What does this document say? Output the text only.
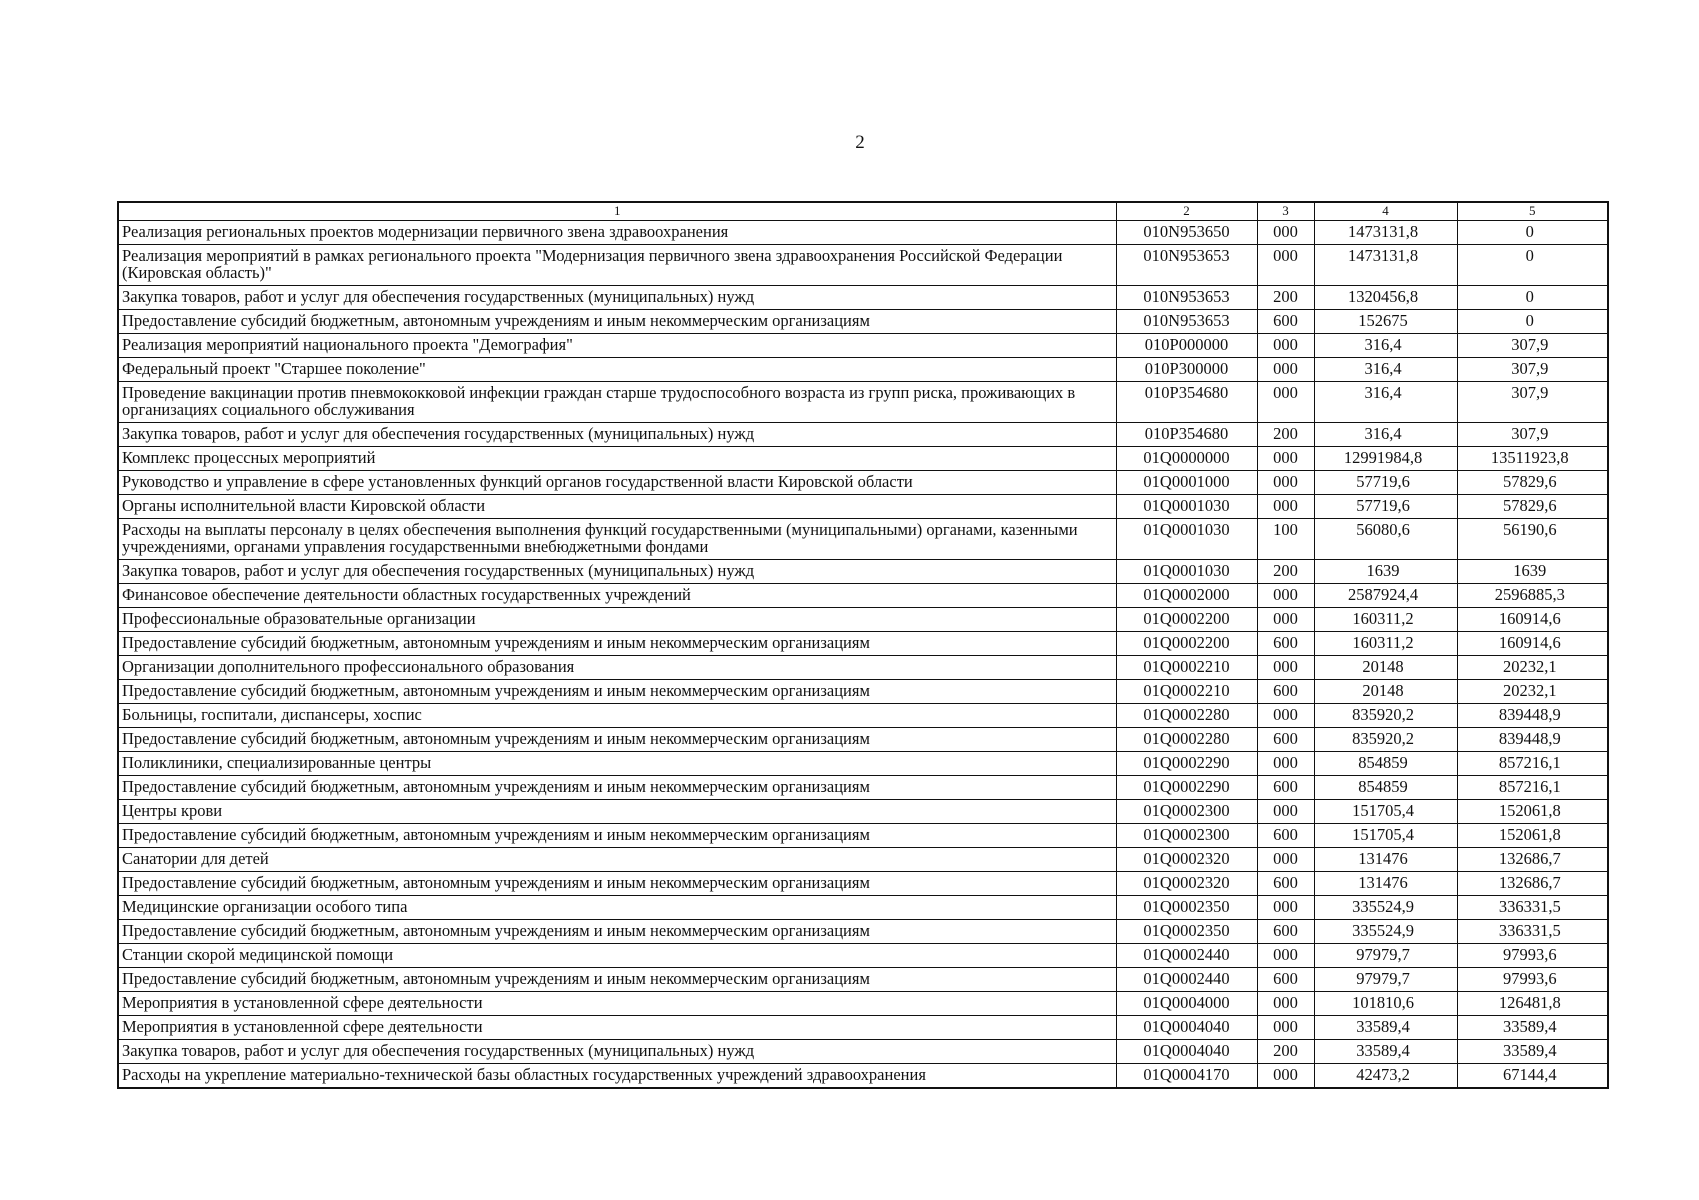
2
1	2	3	4	5
Реализация региональных проектов модернизации первичного звена здравоохранения	010N953650	000	1473131,8	0
Реализация мероприятий в рамках регионального проекта "Модернизация первичного звена здравоохранения Российской Федерации (Кировская область)"	010N953653	000	1473131,8	0
Закупка товаров, работ и услуг для обеспечения государственных (муниципальных) нужд	010N953653	200	1320456,8	0
Предоставление субсидий бюджетным, автономным учреждениям и иным некоммерческим организациям	010N953653	600	152675	0
Реализация мероприятий национального проекта "Демография"	010P000000	000	316,4	307,9
Федеральный проект "Старшее поколение"	010P300000	000	316,4	307,9
Проведение вакцинации против пневмококковой инфекции граждан старше трудоспособного возраста из групп риска, проживающих в организациях социального обслуживания	010P354680	000	316,4	307,9
Закупка товаров, работ и услуг для обеспечения государственных (муниципальных) нужд	010P354680	200	316,4	307,9
Комплекс процессных мероприятий	01Q0000000	000	12991984,8	13511923,8
Руководство и управление в сфере установленных функций органов государственной власти Кировской области	01Q0001000	000	57719,6	57829,6
Органы исполнительной власти Кировской области	01Q0001030	000	57719,6	57829,6
Расходы на выплаты персоналу в целях обеспечения выполнения функций государственными (муниципальными) органами, казенными учреждениями, органами управления государственными внебюджетными фондами	01Q0001030	100	56080,6	56190,6
Закупка товаров, работ и услуг для обеспечения государственных (муниципальных) нужд	01Q0001030	200	1639	1639
Финансовое обеспечение деятельности областных государственных учреждений	01Q0002000	000	2587924,4	2596885,3
Профессиональные образовательные организации	01Q0002200	000	160311,2	160914,6
Предоставление субсидий бюджетным, автономным учреждениям и иным некоммерческим организациям	01Q0002200	600	160311,2	160914,6
Организации дополнительного профессионального образования	01Q0002210	000	20148	20232,1
Предоставление субсидий бюджетным, автономным учреждениям и иным некоммерческим организациям	01Q0002210	600	20148	20232,1
Больницы, госпитали, диспансеры, хоспис	01Q0002280	000	835920,2	839448,9
Предоставление субсидий бюджетным, автономным учреждениям и иным некоммерческим организациям	01Q0002280	600	835920,2	839448,9
Поликлиники, специализированные центры	01Q0002290	000	854859	857216,1
Предоставление субсидий бюджетным, автономным учреждениям и иным некоммерческим организациям	01Q0002290	600	854859	857216,1
Центры крови	01Q0002300	000	151705,4	152061,8
Предоставление субсидий бюджетным, автономным учреждениям и иным некоммерческим организациям	01Q0002300	600	151705,4	152061,8
Санатории для детей	01Q0002320	000	131476	132686,7
Предоставление субсидий бюджетным, автономным учреждениям и иным некоммерческим организациям	01Q0002320	600	131476	132686,7
Медицинские организации особого типа	01Q0002350	000	335524,9	336331,5
Предоставление субсидий бюджетным, автономным учреждениям и иным некоммерческим организациям	01Q0002350	600	335524,9	336331,5
Станции скорой медицинской помощи	01Q0002440	000	97979,7	97993,6
Предоставление субсидий бюджетным, автономным учреждениям и иным некоммерческим организациям	01Q0002440	600	97979,7	97993,6
Мероприятия в установленной сфере деятельности	01Q0004000	000	101810,6	126481,8
Мероприятия в установленной сфере деятельности	01Q0004040	000	33589,4	33589,4
Закупка товаров, работ и услуг для обеспечения государственных (муниципальных) нужд	01Q0004040	200	33589,4	33589,4
Расходы на укрепление материально-технической базы областных государственных учреждений здравоохранения	01Q0004170	000	42473,2	67144,4
